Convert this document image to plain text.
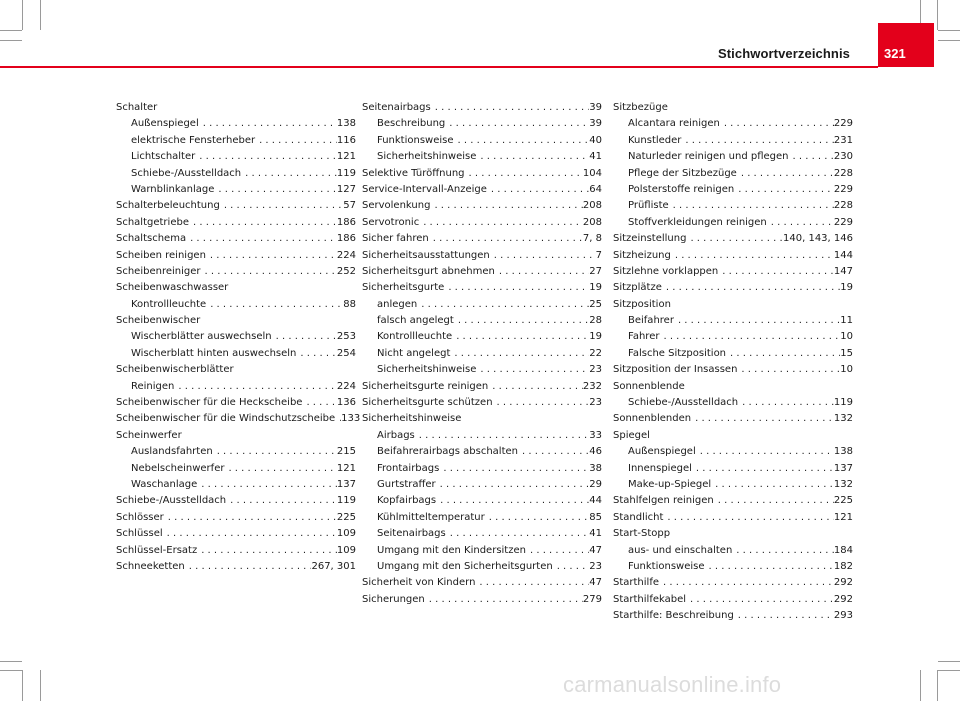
Stichwortverzeichnis	321
Schalter
Außenspiegel . . .	138
elektrische Fensterheber . . .	116
Lichtschalter . . .	121
Schiebe-/Ausstelldach . . .	119
Warnblinkanlage . . .	127
Schalterbeleuchtung . . .	57
Schaltgetriebe . . .	186
Schaltschema . . .	186
Scheiben reinigen . . .	224
Scheibenreiniger . . .	252
Scheibenwaschwasser
Kontrollleuchte . . .	88
Scheibenwischer
Wischerblätter auswechseln . . .	253
Wischerblatt hinten auswechseln . . .	254
Scheibenwischerblätter
Reinigen . . .	224
Scheibenwischer für die Heckscheibe . . .	136
Scheibenwischer für die Windschutzscheibe . . . 133
Scheinwerfer
Auslandsfahrten . . .	215
Nebelscheinwerfer . . .	121
Waschanlage . . .	137
Schiebe-/Ausstelldach . . .	119
Schlösser . . .	225
Schlüssel . . .	109
Schlüssel-Ersatz . . .	109
Schneeketten . . .	267, 301
Seitenairbags . . .	39
Beschreibung . . .	39
Funktionsweise . . .	40
Sicherheitshinweise . . .	41
Selektive Türöffnung . . .	104
Service-Intervall-Anzeige . . .	64
Servolenkung . . .	208
Servotronic . . .	208
Sicher fahren . . .	7, 8
Sicherheitsausstattungen . . .	7
Sicherheitsgurt abnehmen . . .	27
Sicherheitsgurte . . .	19
anlegen . . .	25
falsch angelegt . . .	28
Kontrollleuchte . . .	19
Nicht angelegt . . .	22
Sicherheitshinweise . . .	23
Sicherheitsgurte reinigen . . .	232
Sicherheitsgurte schützen . . .	23
Sicherheitshinweise
Airbags . . .	33
Beifahrerairbags abschalten . . .	46
Frontairbags . . .	38
Gurtstraffer . . .	29
Kopfairbags . . .	44
Kühlmitteltemperatur . . .	85
Seitenairbags . . .	41
Umgang mit den Kindersitzen . . .	47
Umgang mit den Sicherheitsgurten . . .	23
Sicherheit von Kindern . . .	47
Sicherungen . . .	279
Sitzbezüge
Alcantara reinigen . . .	229
Kunstleder . . .	231
Naturleder reinigen und pflegen . . .	230
Pflege der Sitzbezüge . . .	228
Polsterstoffe reinigen . . .	229
Prüfliste . . .	228
Stoffverkleidungen reinigen . . .	229
Sitzeinstellung . . .	140, 143, 146
Sitzheizung . . .	144
Sitzlehne vorklappen . . .	147
Sitzplätze . . .	19
Sitzposition
Beifahrer . . .	11
Fahrer . . .	10
Falsche Sitzposition . . .	15
Sitzposition der Insassen . . .	10
Sonnenblende
Schiebe-/Ausstelldach . . .	119
Sonnenblenden . . .	132
Spiegel
Außenspiegel . . .	138
Innenspiegel . . .	137
Make-up-Spiegel . . .	132
Stahlfelgen reinigen . . .	225
Standlicht . . .	121
Start-Stopp
aus- und einschalten . . .	184
Funktionsweise . . .	182
Starthilfe . . .	292
Starthilfekabel . . .	292
Starthilfe: Beschreibung . . .	293
carmanualsonline.info
